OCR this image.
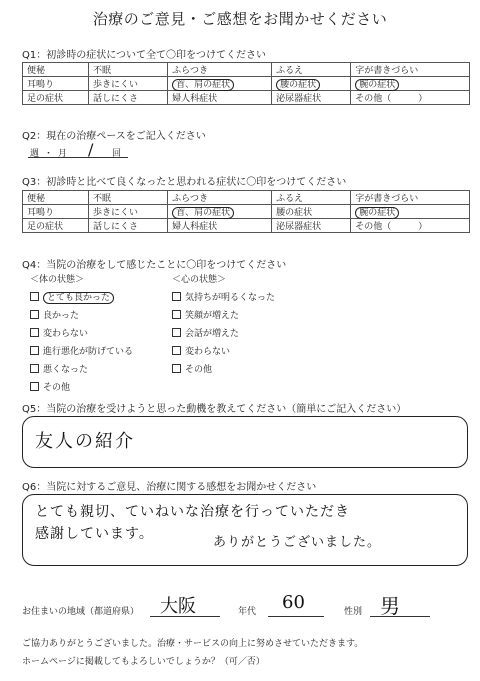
治療のご意見・ご感想をお聞かせください
Q1：初診時の症状について全て〇印をつけてください
便秘	不眠	ふらつき	ふるえ	字が書きづらい
耳鳴り	歩きにくい	首、肩の症状	腰の症状	腕の症状
足の症状	話しにくさ	婦人科症状	泌尿器症状	その他（　　　）
Q2：現在の治療ペースをご記入ください
週 ・ 月 / 回
Q3：初診時と比べて良くなったと思われる症状に〇印をつけてください
便秘	不眠	ふらつき	ふるえ	字が書きづらい
耳鳴り	歩きにくい	首、肩の症状	腰の症状	腕の症状
足の症状	話しにくさ	婦人科症状	泌尿器症状	その他（　　　）
Q4：当院の治療をして感じたことに〇印をつけてください
＜体の状態＞
とても良かった
良かった
変わらない
進行悪化が防げている
悪くなった
その他
＜心の状態＞
気持ちが明るくなった
笑顔が増えた
会話が増えた
変わらない
その他
Q5：当院の治療を受けようと思った動機を教えてください（簡単にご記入ください）
友人の紹介
Q6：当院に対するご意見、治療に関する感想をお聞かせください
とても親切、ていねいな治療を行っていただき
感謝しています。
ありがとうございました。
お住まいの地域（都道府県） 大阪	年代 60	性別 男
ご協力ありがとうございました。治療・サービスの向上に努めさせていただきます。
ホームページに掲載してもよろしいでしょうか？（可／否）
